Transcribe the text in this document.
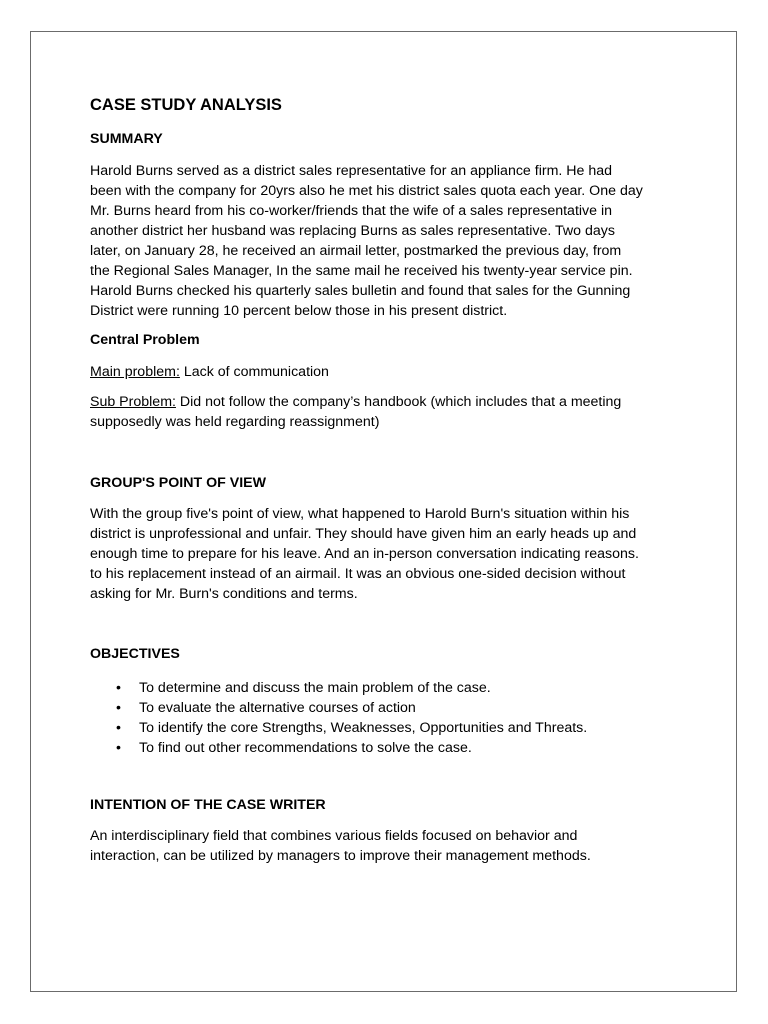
CASE STUDY ANALYSIS
SUMMARY

Harold Burns served as a district sales representative for an appliance firm. He had
been with the company for 20yrs also he met his district sales quota each year. One day
Mr. Burns heard from his co-worker/friends that the wife of a sales representative in
another district her husband was replacing Burns as sales representative. Two days
later, on January 28, he received an airmail letter, postmarked the previous day, from
the Regional Sales Manager, In the same mail he received his twenty-year service pin.
Harold Burns checked his quarterly sales bulletin and found that sales for the Gunning
District were running 10 percent below those in his present district.

Central Problem

Main problem: Lack of communication

Sub Problem: Did not follow the company’s handbook (which includes that a meeting
supposedly was held regarding reassignment)

GROUP'S POINT OF VIEW

With the group five's point of view, what happened to Harold Burn's situation within his
district is unprofessional and unfair. They should have given him an early heads up and
enough time to prepare for his leave. And an in-person conversation indicating reasons.
to his replacement instead of an airmail. It was an obvious one-sided decision without
asking for Mr. Burn's conditions and terms.

OBJECTIVES
• To determine and discuss the main problem of the case.
• To evaluate the alternative courses of action
• To identify the core Strengths, Weaknesses, Opportunities and Threats.
• To find out other recommendations to solve the case.
INTENTION OF THE CASE WRITER

An interdisciplinary field that combines various fields focused on behavior and
interaction, can be utilized by managers to improve their management methods.
